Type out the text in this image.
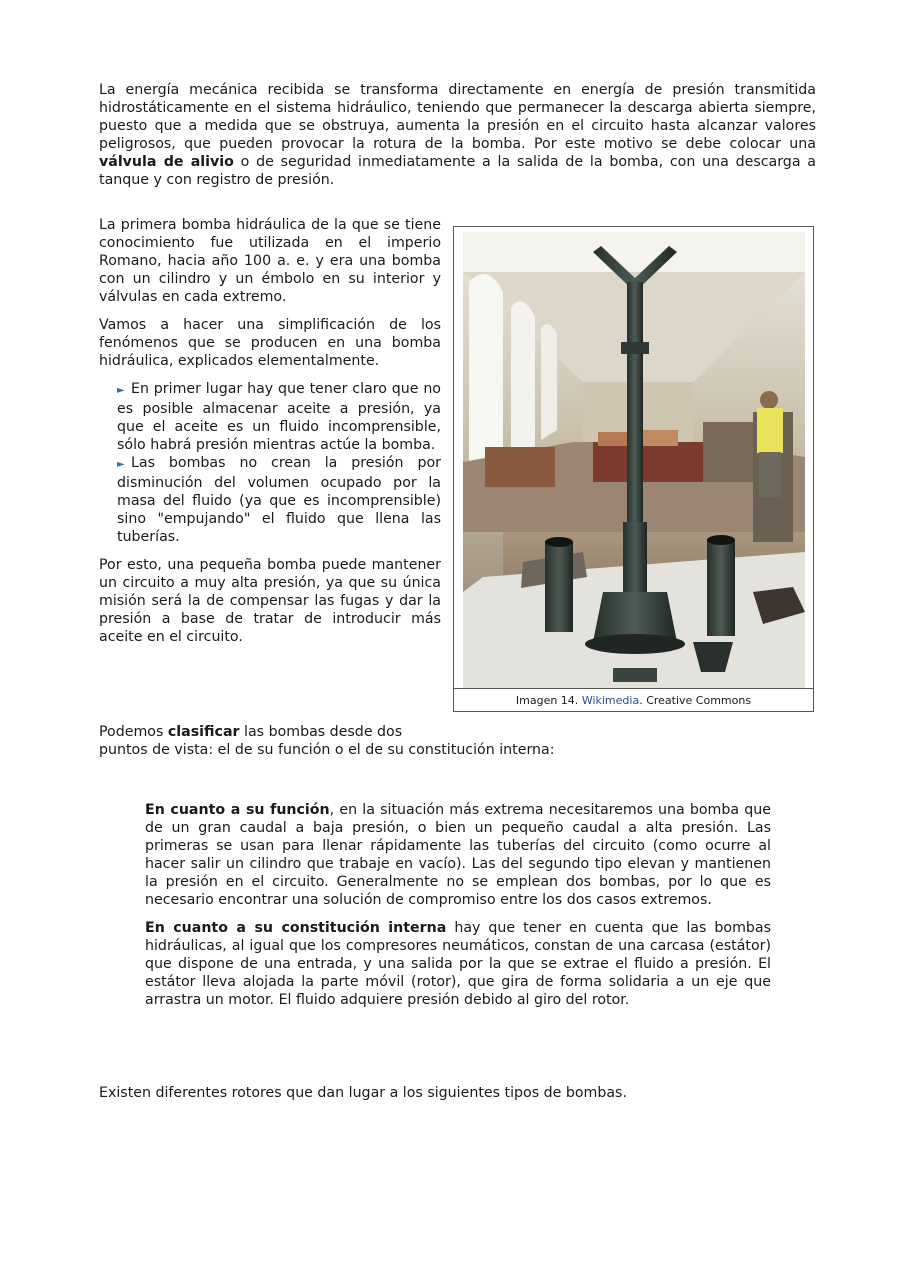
La energía mecánica recibida se transforma directamente en energía de presión transmitida hidrostáticamente en el sistema hidráulico, teniendo que permanecer la descarga abierta siempre, puesto que a medida que se obstruya, aumenta la presión en el circuito hasta alcanzar valores peligrosos, que pueden provocar la rotura de la bomba. Por este motivo se debe colocar una válvula de alivio o de seguridad inmediatamente a la salida de la bomba, con una descarga a tanque y con registro de presión.

La primera bomba hidráulica de la que se tiene conocimiento fue utilizada en el imperio Romano, hacia año 100 a. e. y era una bomba con un cilindro y un émbolo en su interior y válvulas en cada extremo.

Vamos a hacer una simplificación de los fenómenos que se producen en una bomba hidráulica, explicados elementalmente.

► En primer lugar hay que tener claro que no es posible almacenar aceite a presión, ya que el aceite es un fluido incomprensible, sólo habrá presión mientras actúe la bomba.
► Las bombas no crean la presión por disminución del volumen ocupado por la masa del fluido (ya que es incomprensible) sino "empujando" el fluido que llena las tuberías.

Por esto, una pequeña bomba puede mantener un circuito a muy alta presión, ya que su única misión será la de compensar las fugas y dar la presión a base de tratar de introducir más aceite en el circuito.

Imagen 14. Wikimedia. Creative Commons
Podemos clasificar las bombas desde dos
puntos de vista: el de su función o el de su constitución interna:

En cuanto a su función, en la situación más extrema necesitaremos una bomba que de un gran caudal a baja presión, o bien un pequeño caudal a alta presión. Las primeras se usan para llenar rápidamente las tuberías del circuito (como ocurre al hacer salir un cilindro que trabaje en vacío). Las del segundo tipo elevan y mantienen la presión en el circuito. Generalmente no se emplean dos bombas, por lo que es necesario encontrar una solución de compromiso entre los dos casos extremos.

En cuanto a su constitución interna hay que tener en cuenta que las bombas hidráulicas, al igual que los compresores neumáticos, constan de una carcasa (estátor) que dispone de una entrada, y una salida por la que se extrae el fluido a presión. El estátor lleva alojada la parte móvil (rotor), que gira de forma solidaria a un eje que arrastra un motor. El fluido adquiere presión debido al giro del rotor.

Existen diferentes rotores que dan lugar a los siguientes tipos de bombas.
